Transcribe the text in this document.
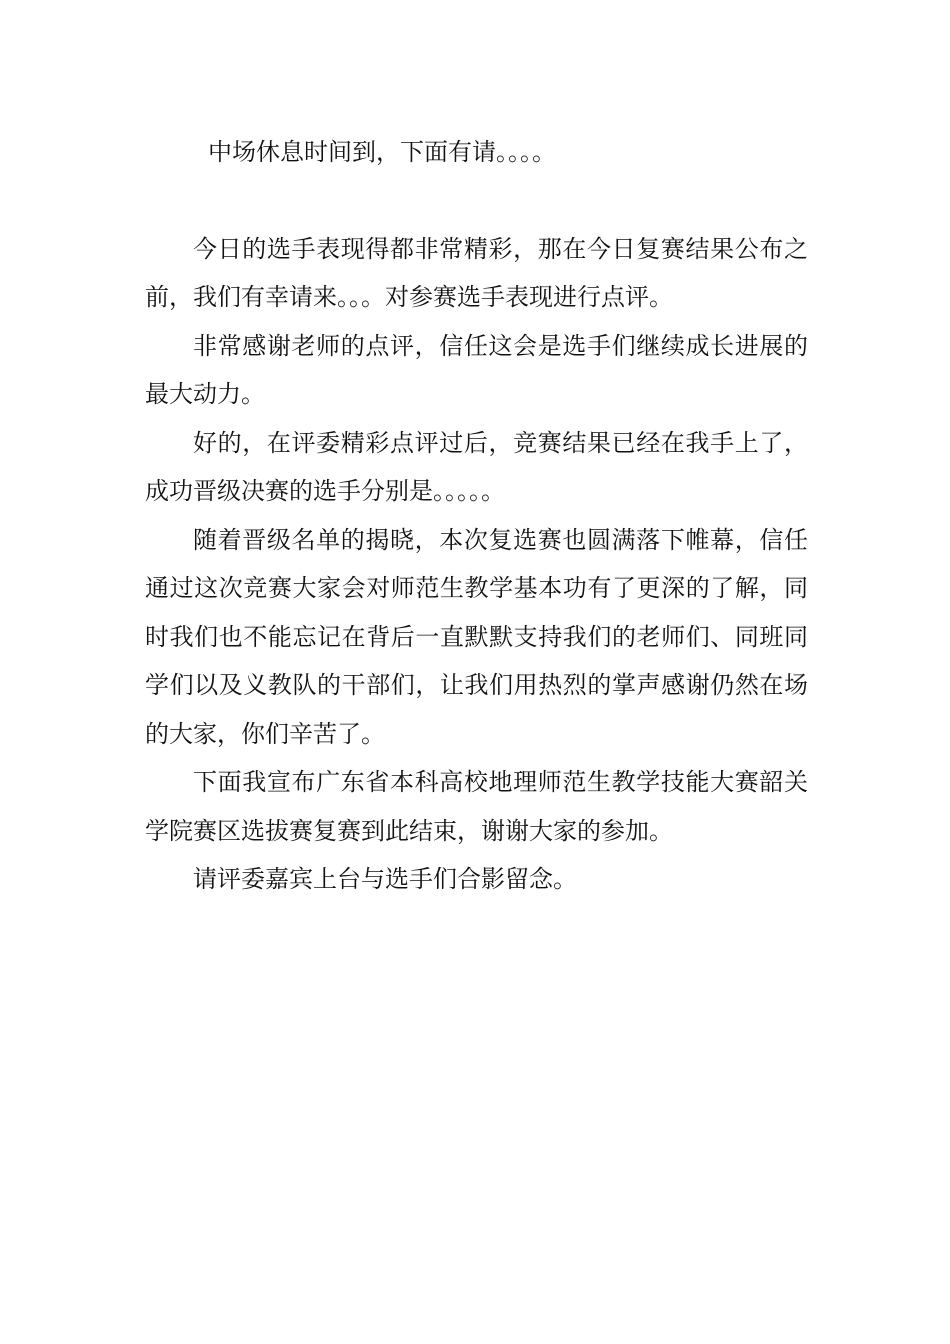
中场休息时间到，下面有请。。。。

今日的选手表现得都非常精彩，那在今日复赛结果公布之前，我们有幸请来。。。对参赛选手表现进行点评。

非常感谢老师的点评，信任这会是选手们继续成长进展的最大动力。

好的，在评委精彩点评过后，竞赛结果已经在我手上了，成功晋级决赛的选手分别是。。。。。

随着晋级名单的揭晓，本次复选赛也圆满落下帷幕，信任通过这次竞赛大家会对师范生教学基本功有了更深的了解，同时我们也不能忘记在背后一直默默支持我们的老师们、同班同学们以及义教队的干部们，让我们用热烈的掌声感谢仍然在场的大家，你们辛苦了。

下面我宣布广东省本科高校地理师范生教学技能大赛韶关学院赛区选拔赛复赛到此结束，谢谢大家的参加。

请评委嘉宾上台与选手们合影留念。
